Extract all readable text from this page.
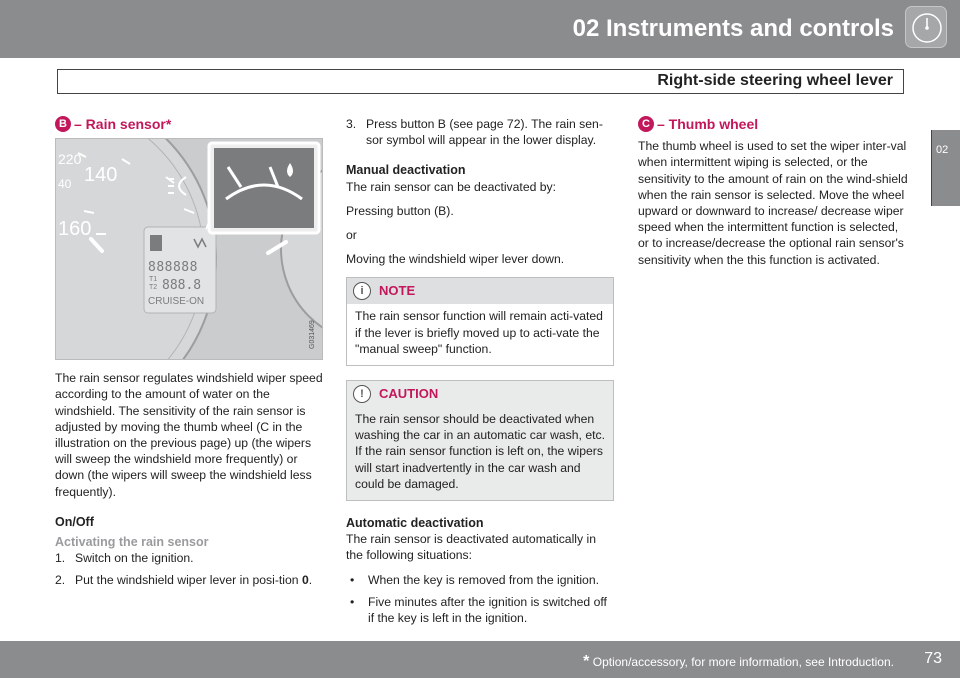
02 Instruments and controls
Right-side steering wheel lever
02
B – Rain sensor*
220
140
40
160
888888
T1
T2 888.8
CRUISE-ON
G031469

The rain sensor regulates windshield wiper speed according to the amount of water on the windshield. The sensitivity of the rain sensor is adjusted by moving the thumb wheel (C in the illustration on the previous page) up (the wipers will sweep the windshield more frequently) or down (the wipers will sweep the windshield less frequently).

On/Off
Activating the rain sensor
1. Switch on the ignition.
2. Put the windshield wiper lever in posi-tion 0.
3. Press button B (see page 72). The rain sen-sor symbol will appear in the lower display.
Manual deactivation

The rain sensor can be deactivated by:

Pressing button (B).

or

Moving the windshield wiper lever down.

i	NOTE
The rain sensor function will remain acti-vated if the lever is briefly moved up to acti-vate the "manual sweep" function.
!	CAUTION
The rain sensor should be deactivated when washing the car in an automatic car wash, etc. If the rain sensor function is left on, the wipers will start inadvertently in the car wash and could be damaged.
Automatic deactivation

The rain sensor is deactivated automatically in the following situations:

•	When the key is removed from the ignition.
•	Five minutes after the ignition is switched off if the key is left in the ignition.
C – Thumb wheel

The thumb wheel is used to set the wiper inter-val when intermittent wiping is selected, or the sensitivity to the amount of rain on the wind-shield when the rain sensor is selected. Move the wheel upward or downward to increase/ decrease wiper speed when the intermittent function is selected, or to increase/decrease the optional rain sensor's sensitivity when the this function is activated.

* Option/accessory, for more information, see Introduction. 73
